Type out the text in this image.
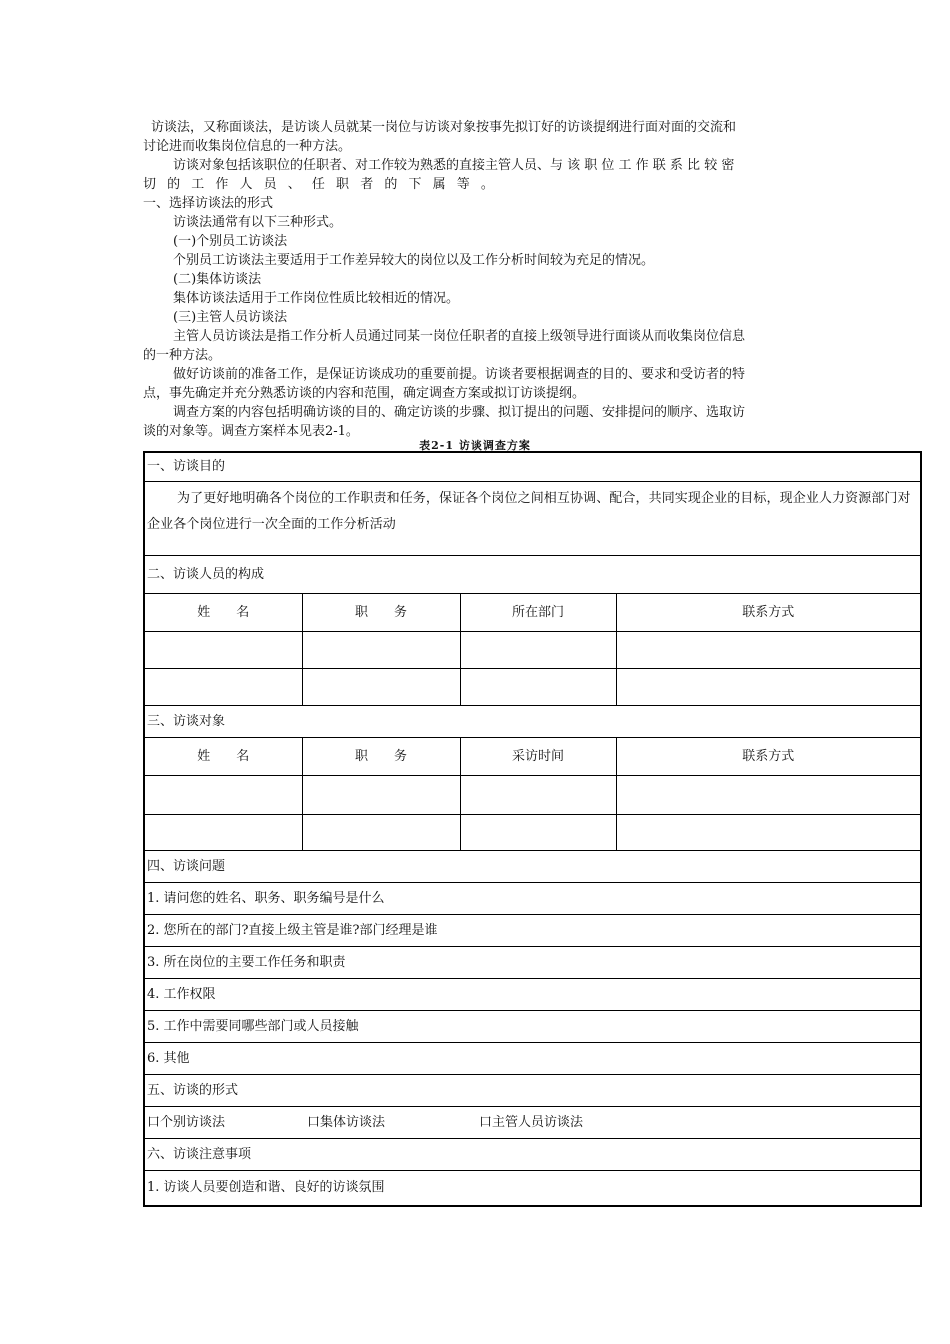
访谈法，又称面谈法，是访谈人员就某一岗位与访谈对象按事先拟订好的访谈提纲进行面对面的交流和

讨论进而收集岗位信息的一种方法。

访谈对象包括该职位的任职者、对工作较为熟悉的直接主管人员、与 该 职 位 工 作 联 系 比 较 密

切 的 工 作 人 员 、 任 职 者 的 下 属 等 。

一、选择访谈法的形式

访谈法通常有以下三种形式。

(一)个别员工访谈法

个别员工访谈法主要适用于工作差异较大的岗位以及工作分析时间较为充足的情况。

(二)集体访谈法

集体访谈法适用于工作岗位性质比较相近的情况。

(三)主管人员访谈法

主管人员访谈法是指工作分析人员通过同某一岗位任职者的直接上级领导进行面谈从而收集岗位信息

的一种方法。

做好访谈前的准备工作，是保证访谈成功的重要前提。访谈者要根据调查的目的、要求和受访者的特

点，事先确定并充分熟悉访谈的内容和范围，确定调查方案或拟订访谈提纲。

调查方案的内容包括明确访谈的目的、确定访谈的步骤、拟订提出的问题、安排提问的顺序、选取访

谈的对象等。调查方案样本见表2-1。

表2-1 访谈调查方案
一、访谈目的			
为了更好地明确各个岗位的工作职责和任务，保证各个岗位之间相互协调、配合，共同实现企业的目标，现企业人力资源部门对企业各个岗位进行一次全面的工作分析活动			
二、访谈人员的构成			
姓　　名	职　　务	所在部门	联系方式

三、访谈对象			
姓　　名	职　　务	采访时间	联系方式

四、访谈问题			
1. 请问您的姓名、职务、职务编号是什么			
2. 您所在的部门?直接上级主管是谁?部门经理是谁			
3. 所在岗位的主要工作任务和职责			
4. 工作权限			
5. 工作中需要同哪些部门或人员接触			
6. 其他			
五、访谈的形式			
口个别访谈法 口集体访谈法 口主管人员访谈法			
六、访谈注意事项			
1. 访谈人员要创造和谐、良好的访谈氛围			
